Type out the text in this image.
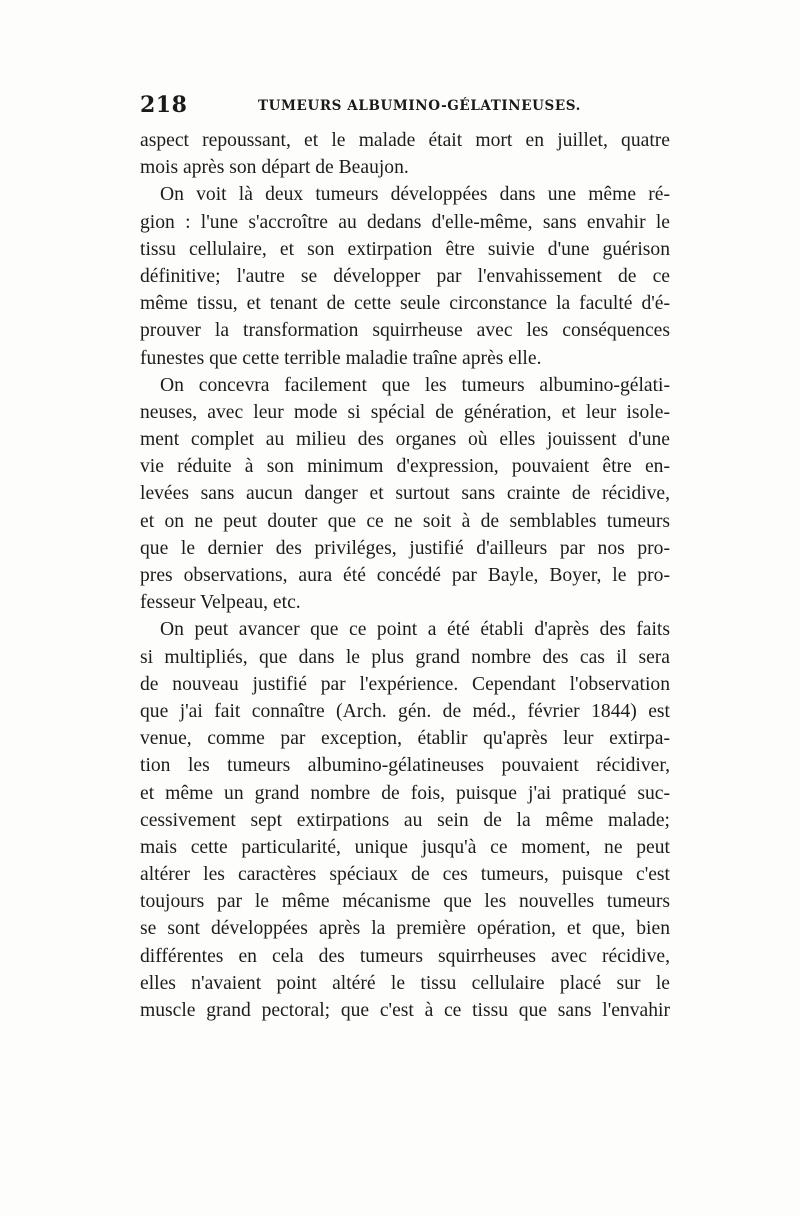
218	TUMEURS ALBUMINO-GÉLATINEUSES.
aspect repoussant, et le malade était mort en juillet, quatre
mois après son départ de Beaujon.
On voit là deux tumeurs développées dans une même ré-
gion : l'une s'accroître au dedans d'elle-même, sans envahir le
tissu cellulaire, et son extirpation être suivie d'une guérison
définitive; l'autre se développer par l'envahissement de ce
même tissu, et tenant de cette seule circonstance la faculté d'é-
prouver la transformation squirrheuse avec les conséquences
funestes que cette terrible maladie traîne après elle.
On concevra facilement que les tumeurs albumino-gélati-
neuses, avec leur mode si spécial de génération, et leur isole-
ment complet au milieu des organes où elles jouissent d'une
vie réduite à son minimum d'expression, pouvaient être en-
levées sans aucun danger et surtout sans crainte de récidive,
et on ne peut douter que ce ne soit à de semblables tumeurs
que le dernier des priviléges, justifié d'ailleurs par nos pro-
pres observations, aura été concédé par Bayle, Boyer, le pro-
fesseur Velpeau, etc.
On peut avancer que ce point a été établi d'après des faits
si multipliés, que dans le plus grand nombre des cas il sera
de nouveau justifié par l'expérience. Cependant l'observation
que j'ai fait connaître (Arch. gén. de méd., février 1844) est
venue, comme par exception, établir qu'après leur extirpa-
tion les tumeurs albumino-gélatineuses pouvaient récidiver,
et même un grand nombre de fois, puisque j'ai pratiqué suc-
cessivement sept extirpations au sein de la même malade;
mais cette particularité, unique jusqu'à ce moment, ne peut
altérer les caractères spéciaux de ces tumeurs, puisque c'est
toujours par le même mécanisme que les nouvelles tumeurs
se sont développées après la première opération, et que, bien
différentes en cela des tumeurs squirrheuses avec récidive,
elles n'avaient point altéré le tissu cellulaire placé sur le
muscle grand pectoral; que c'est à ce tissu que sans l'envahir
